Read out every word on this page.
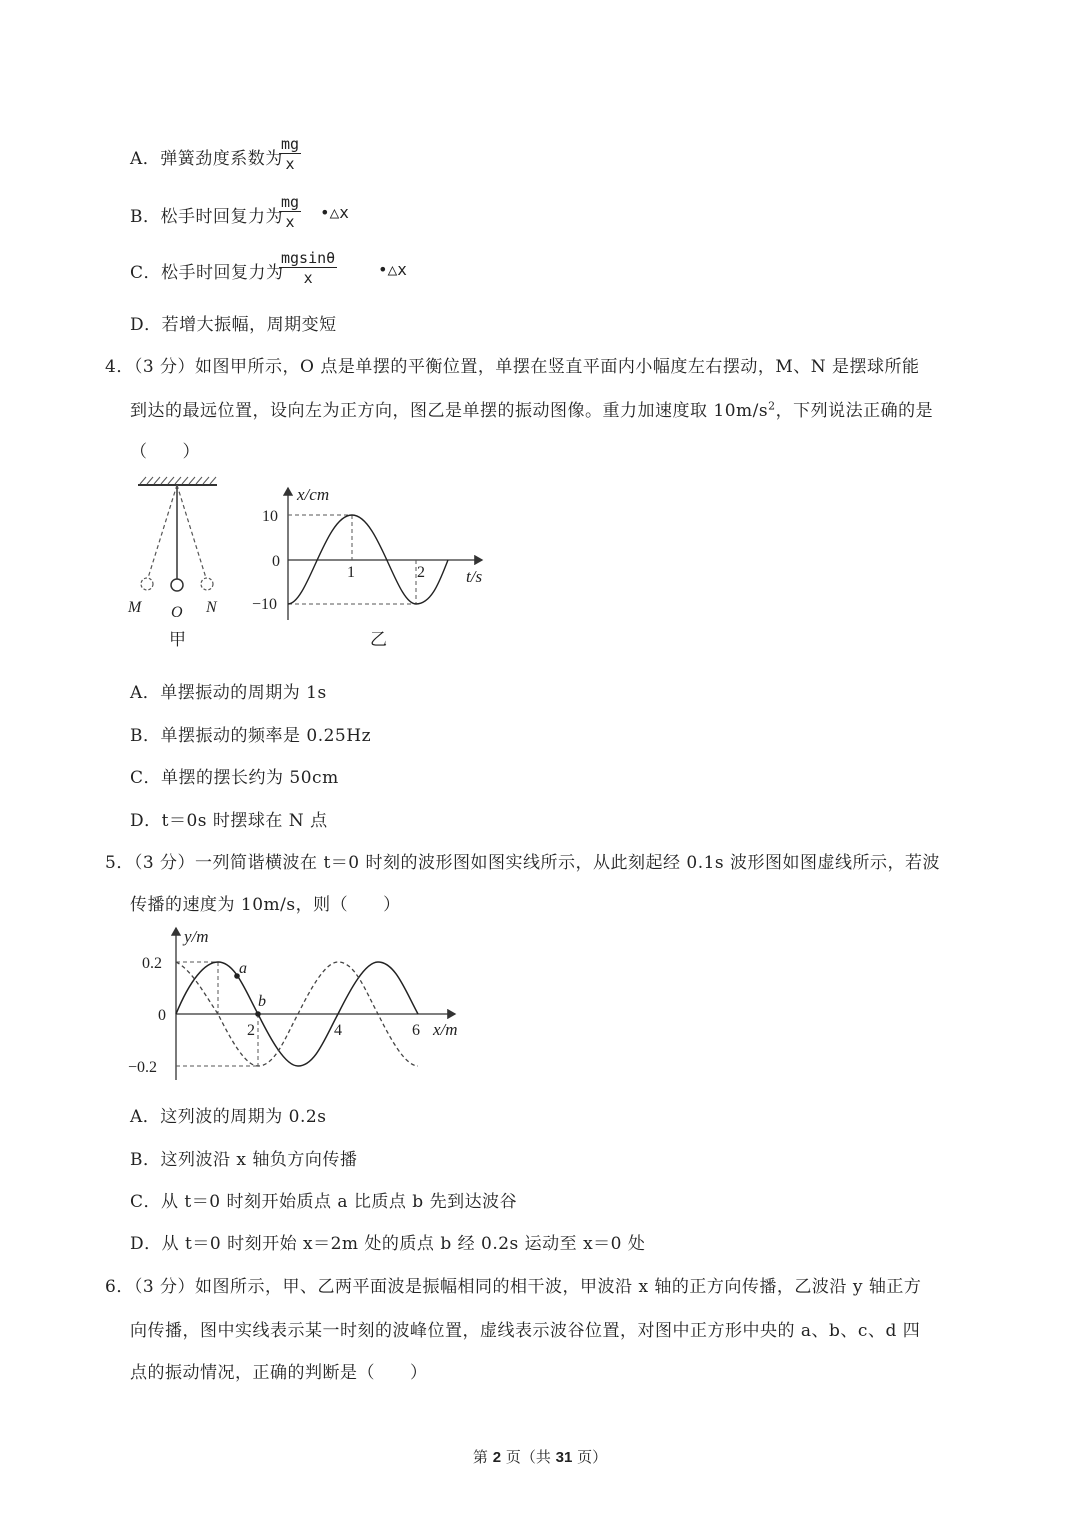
A．弹簧劲度系数为
$\frac{mg}{x}$
B．松手时回复力为
$\frac{mg}{x}$ •△x
C．松手时回复力为
$\frac{mgsin\theta}{x}$	•△x
D．若增大振幅，周期变短
4．（3 分）如图甲所示，O 点是单摆的平衡位置，单摆在竖直平面内小幅度左右摆动，M、N 是摆球所能
到达的最远位置，设向左为正方向，图乙是单摆的振动图像。重力加速度取 $10m/s^2$，下列说法正确的是
（　　）
M O N
甲
x/cm
t/s
10
0
−10
1	2
乙
A．单摆振动的周期为 1s
B．单摆振动的频率是 0.25Hz
C．单摆的摆长约为 50cm
D．t＝0s 时摆球在 N 点
5．（3 分）一列简谐横波在 t＝0 时刻的波形图如图实线所示，从此刻起经 0.1s 波形图如图虚线所示，若波
传播的速度为 10m/s，则（　　）
y/m
x/m
0.2
0
−0.2
2	4	6
a
b
A．这列波的周期为 0.2s
B．这列波沿 x 轴负方向传播
C．从 t＝0 时刻开始质点 a 比质点 b 先到达波谷
D．从 t＝0 时刻开始 x＝2m 处的质点 b 经 0.2s 运动至 x＝0 处
6．（3 分）如图所示，甲、乙两平面波是振幅相同的相干波，甲波沿 x 轴的正方向传播，乙波沿 y 轴正方
向传播，图中实线表示某一时刻的波峰位置，虚线表示波谷位置，对图中正方形中央的 a、b、c、d 四
点的振动情况，正确的判断是（　　）
第 2 页（共 31 页）
